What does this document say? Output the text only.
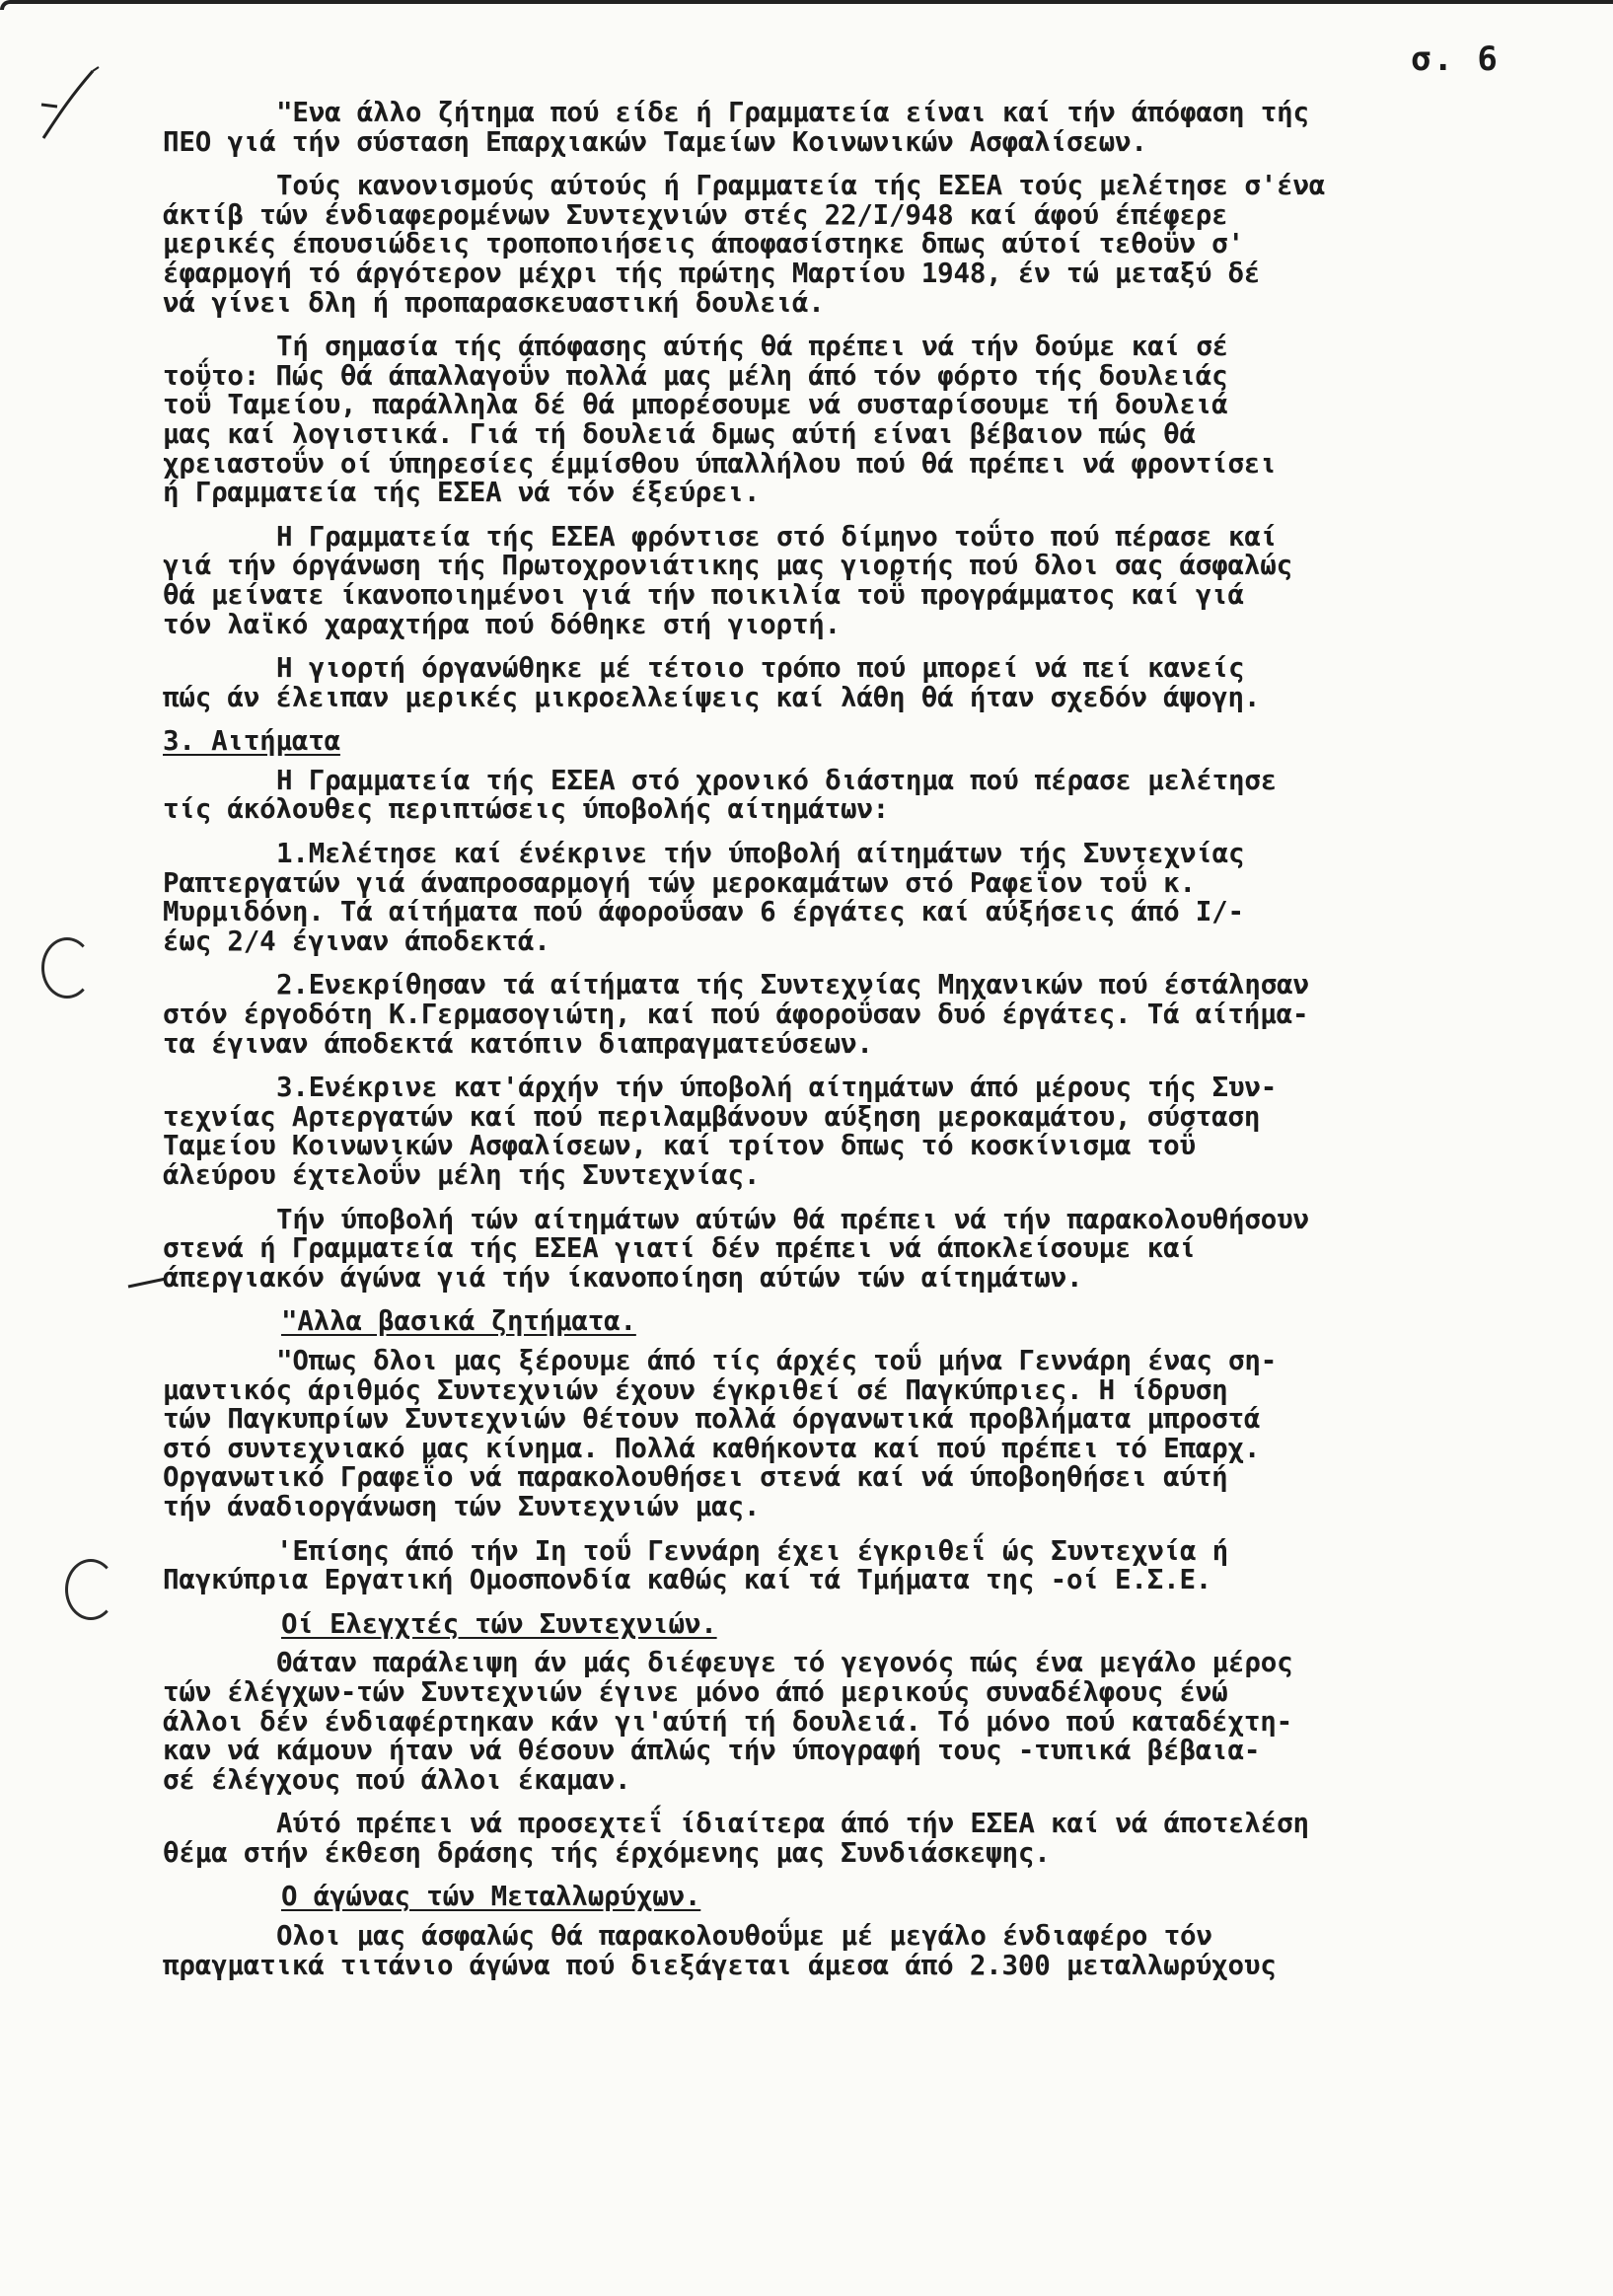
σ. 6
"Ενα άλλο ζήτημα πού είδε ή Γραμματεία είναι καί τήν άπόφαση τής
ΠΕΟ γιά τήν σύσταση Επαρχιακών Ταμείων Κοινωνικών Ασφαλίσεων.
Τούς κανονισμούς αύτούς ή Γραμματεία τής ΕΣΕΑ τούς μελέτησε σ'ένα
άκτίβ τών ένδιαφερομένων Συντεχνιών στές 22/I/948 καί άφού έπέφερε
μερικές έπουσιώδεις τροποποιήσεις άποφασίστηκε δπως αύτοί τεθοΰν σ'
έφαρμογή τό άργότερον μέχρι τής πρώτης Μαρτίου 1948, έν τώ μεταξύ δέ
νά γίνει δλη ή προπαρασκευαστική δουλειά.
Τή σημασία τής άπόφασης αύτής θά πρέπει νά τήν δούμε καί σέ
τοΰτο: Πώς θά άπαλλαγοΰν πολλά μας μέλη άπό τόν φόρτο τής δουλειάς
τοΰ Ταμείου, παράλληλα δέ θά μπορέσουμε νά συσταρίσουμε τή δουλειά
μας καί λογιστικά. Γιά τή δουλειά δμως αύτή είναι βέβαιον πώς θά
χρειαστοΰν οί ύπηρεσίες έμμίσθου ύπαλλήλου πού θά πρέπει νά φροντίσει
ή Γραμματεία τής ΕΣΕΑ νά τόν έξεύρει.
Η Γραμματεία τής ΕΣΕΑ φρόντισε στό δίμηνο τοΰτο πού πέρασε καί
γιά τήν όργάνωση τής Πρωτοχρονιάτικης μας γιορτής πού δλοι σας άσφαλώς
θά μείνατε ίκανοποιημένοι γιά τήν ποικιλία τοΰ προγράμματος καί γιά
τόν λαϊκό χαραχτήρα πού δόθηκε στή γιορτή.
Η γιορτή όργανώθηκε μέ τέτοιο τρόπο πού μπορεί νά πεί κανείς
πώς άν έλειπαν μερικές μικροελλείψεις καί λάθη θά ήταν σχεδόν άψογη.
3. Αιτήματα
Η Γραμματεία τής ΕΣΕΑ στό χρονικό διάστημα πού πέρασε μελέτησε
τίς άκόλουθες περιπτώσεις ύποβολής αίτημάτων:
1.Μελέτησε καί ένέκρινε τήν ύποβολή αίτημάτων τής Συντεχνίας
Ραπτεργατών γιά άναπροσαρμογή τών μεροκαμάτων στό Ραφεΐον τοΰ κ.
Μυρμιδόνη. Τά αίτήματα πού άφοροΰσαν 6 έργάτες καί αύξήσεις άπό I/-
έως 2/4 έγιναν άποδεκτά.
2.Ενεκρίθησαν τά αίτήματα τής Συντεχνίας Μηχανικών πού έστάλησαν
στόν έργοδότη Κ.Γερμασογιώτη, καί πού άφοροΰσαν δυό έργάτες. Τά αίτήμα-
τα έγιναν άποδεκτά κατόπιν διαπραγματεύσεων.
3.Ενέκρινε κατ'άρχήν τήν ύποβολή αίτημάτων άπό μέρους τής Συν-
τεχνίας Αρτεργατών καί πού περιλαμβάνουν αύξηση μεροκαμάτου, σύσταση
Ταμείου Κοινωνικών Ασφαλίσεων, καί τρίτον δπως τό κοσκίνισμα τοΰ
άλεύρου έχτελοΰν μέλη τής Συντεχνίας.
Τήν ύποβολή τών αίτημάτων αύτών θά πρέπει νά τήν παρακολουθήσουν
στενά ή Γραμματεία τής ΕΣΕΑ γιατί δέν πρέπει νά άποκλείσουμε καί
άπεργιακόν άγώνα γιά τήν ίκανοποίηση αύτών τών αίτημάτων.
"Αλλα βασικά ζητήματα.
"Οπως δλοι μας ξέρουμε άπό τίς άρχές τοΰ μήνα Γεννάρη ένας ση-
μαντικός άριθμός Συντεχνιών έχουν έγκριθεί σέ Παγκύπριες. Η ίδρυση
τών Παγκυπρίων Συντεχνιών θέτουν πολλά όργανωτικά προβλήματα μπροστά
στό συντεχνιακό μας κίνημα. Πολλά καθήκοντα καί πού πρέπει τό Επαρχ.
Οργανωτικό Γραφεΐο νά παρακολουθήσει στενά καί νά ύποβοηθήσει αύτή
τήν άναδιοργάνωση τών Συντεχνιών μας.
'Επίσης άπό τήν Ιη τοΰ Γεννάρη έχει έγκριθεΐ ώς Συντεχνία ή
Παγκύπρια Εργατική Ομοσπονδία καθώς καί τά Τμήματα της -οί Ε.Σ.Ε.
Οί Ελεγχτές τών Συντεχνιών.
Θάταν παράλειψη άν μάς διέφευγε τό γεγονός πώς ένα μεγάλο μέρος
τών έλέγχων-τών Συντεχνιών έγινε μόνο άπό μερικούς συναδέλφους ένώ
άλλοι δέν ένδιαφέρτηκαν κάν γι'αύτή τή δουλειά. Τό μόνο πού καταδέχτη-
καν νά κάμουν ήταν νά θέσουν άπλώς τήν ύπογραφή τους -τυπικά βέβαια-
σέ έλέγχους πού άλλοι έκαμαν.
Αύτό πρέπει νά προσεχτεΐ ίδιαίτερα άπό τήν ΕΣΕΑ καί νά άποτελέση
θέμα στήν έκθεση δράσης τής έρχόμενης μας Συνδιάσκεψης.
Ο άγώνας τών Μεταλλωρύχων.
Ολοι μας άσφαλώς θά παρακολουθοΰμε μέ μεγάλο ένδιαφέρο τόν
πραγματικά τιτάνιο άγώνα πού διεξάγεται άμεσα άπό 2.300 μεταλλωρύχους
